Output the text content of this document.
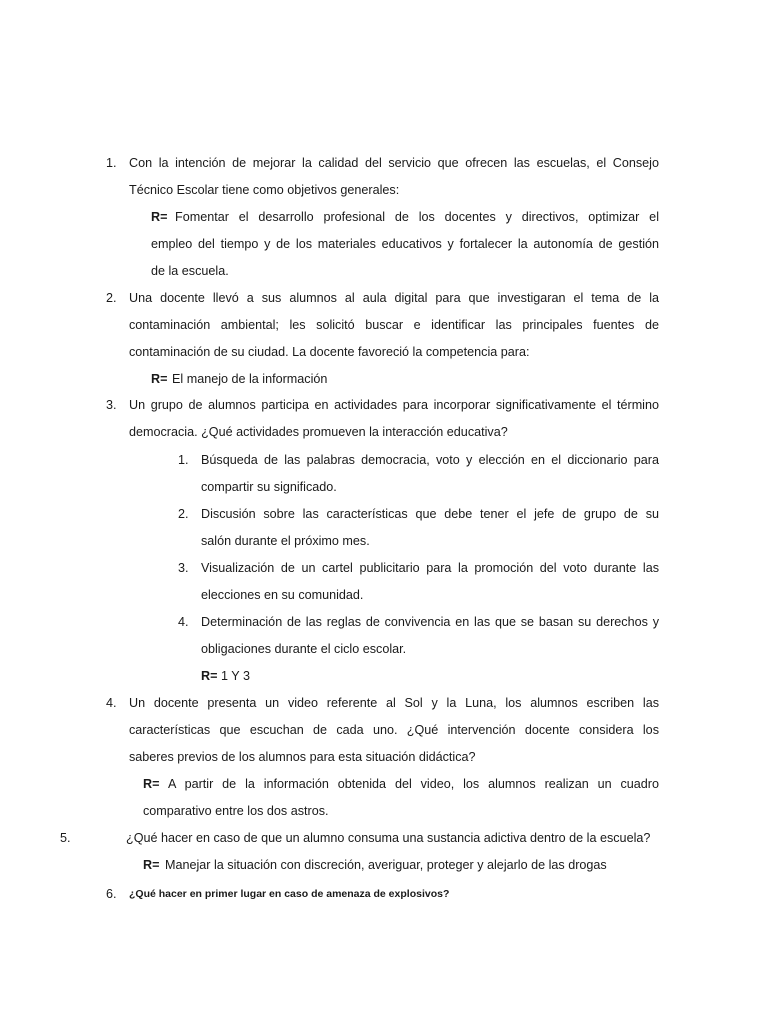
1. Con la intención de mejorar la calidad del servicio que ofrecen las escuelas, el Consejo
Técnico Escolar tiene como objetivos generales:
R= Fomentar el desarrollo profesional de los docentes y directivos, optimizar el
empleo del tiempo y de los materiales educativos y fortalecer la autonomía de gestión
de la escuela.
2. Una docente llevó a sus alumnos al aula digital para que investigaran el tema de la
contaminación ambiental; les solicitó buscar e identificar las principales fuentes de
contaminación de su ciudad. La docente favoreció la competencia para:
R= El manejo de la información
3. Un grupo de alumnos participa en actividades para incorporar significativamente el término
democracia. ¿Qué actividades promueven la interacción educativa?
1. Búsqueda de las palabras democracia, voto y elección en el diccionario para
compartir su significado.
2. Discusión sobre las características que debe tener el jefe de grupo de su
salón durante el próximo mes.
3. Visualización de un cartel publicitario para la promoción del voto durante las
elecciones en su comunidad.
4. Determinación de las reglas de convivencia en las que se basan su derechos y
obligaciones durante el ciclo escolar.
R= 1 Y 3
4. Un docente presenta un video referente al Sol y la Luna, los alumnos escriben las
características que escuchan de cada uno. ¿Qué intervención docente considera los
saberes previos de los alumnos para esta situación didáctica?
R= A partir de la información obtenida del video, los alumnos realizan un cuadro
comparativo entre los dos astros.
5.	¿Qué hacer en caso de que un alumno consuma una sustancia adictiva dentro de la escuela?
R= Manejar la situación con discreción, averiguar, proteger y alejarlo de las drogas
6. ¿Qué hacer en primer lugar en caso de amenaza de explosivos?
